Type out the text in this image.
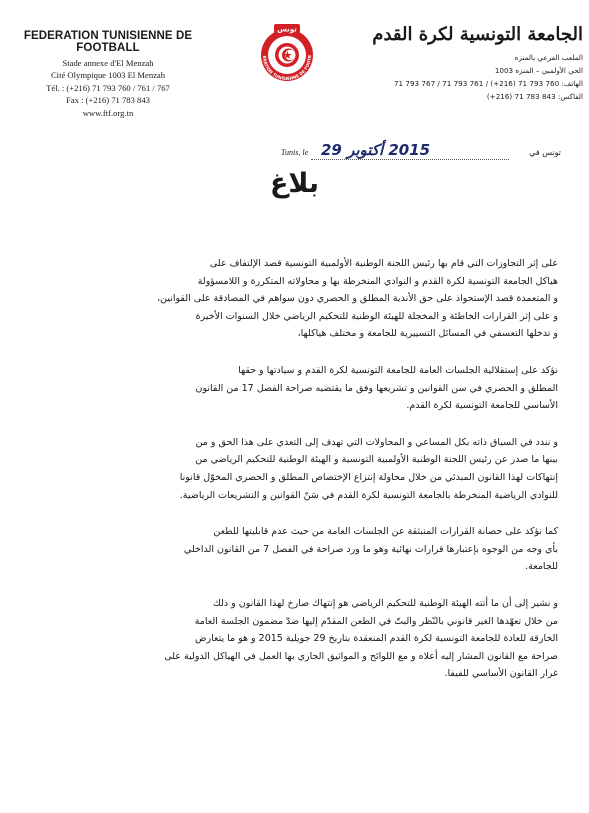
FEDERATION TUNISIENNE DE FOOTBALL
Stade annexe d'El Menzah
Cité Olympique 1003 El Menzah
Tél. : (+216) 71 793 760 / 761 / 767
Fax : (+216) 71 783 843
www.ftf.org.tn
تونس
ERATION TUNISIENNE DE FOOTB
الجامعة التونسية لكرة القدم
الملعب الفرعي بالمنزه
الحي الأولمبي – المنزه 1003
الهاتف: 760 793 71 (216+) / 761 793 71 / 767 793 71
الفاكس: 843 783 71 (216+)
Tunis, le 2015 أكتوبر 29	تونس في
بلاغ

على إثر التجاوزات التي قام بها رئيس اللجنة الوطنية الأولمبية التونسية قصد الإلتفاف على
هياكل الجامعة التونسية لكرة القدم و النوادي المنخرطة بها و محاولاته المتكررة و اللامسؤولة
و المتعمدة قصد الإستحواذ على حق الأندية المطلق و الحصري دون سواهم في المصادقة على القوانين،
و على إثر القرارات الخاطئة و المخجلة للهيئة الوطنية للتحكيم الرياضي خلال السنوات الأخيرة
و تدخلها التعسفي في المسائل التسييرية للجامعة و مختلف هياكلها،

نؤكد على إستقلالية الجلسات العامة للجامعة التونسية لكرة القدم و سيادتها و حقها
المطلق و الحصري في سن القوانين و تشريعها وفق ما يقتضيه صراحة الفصل 17 من القانون
الأساسي للجامعة التونسية لكرة القدم.

و نندد في السياق ذاته بكل المساعي و المحاولات التي تهدف إلى التعدي على هذا الحق و من
بينها ما صدر عن رئيس اللجنة الوطنية الأولمبية التونسية و الهيئة الوطنية للتحكيم الرياضي من
إنتهاكات لهذا القانون المبدئي من خلال محاولة إنتزاع الإختصاص المطلق و الحصري المخوّل قانونا
للنوادي الرياضية المنخرطة بالجامعة التونسية لكرة القدم في سَنّ القوانين و التشريعات الرياضية.

كما نؤكد على حصانة القرارات المنبثقة عن الجلسات العامة من حيث عدم قابليتها للطعن
بأي وجه من الوجوه بإعتبارها قرارات نهائية وهو ما ورد صراحة في الفصل 7 من القانون الداخلي
للجامعة.

و نشير إلى أن ما أتته الهيئة الوطنية للتحكيم الرياضي هو إنتهاك صارخ لهذا القانون و ذلك
من خلال تعهّدها الغير قانوني بالنّظر والبتّ في الطعن المقدّم إليها ضدّ مضمون الجلسة العامة
الخارقة للعادة للجامعة التونسية لكرة القدم المنعقدة بتاريخ 29 جويلية 2015 و هو ما يتعارض
صراحة مع القانون المشار إليه أعلاه و مع اللوائح و المواثيق الجاري بها العمل في الهياكل الدولية على
غرار القانون الأساسي للفيفا.
